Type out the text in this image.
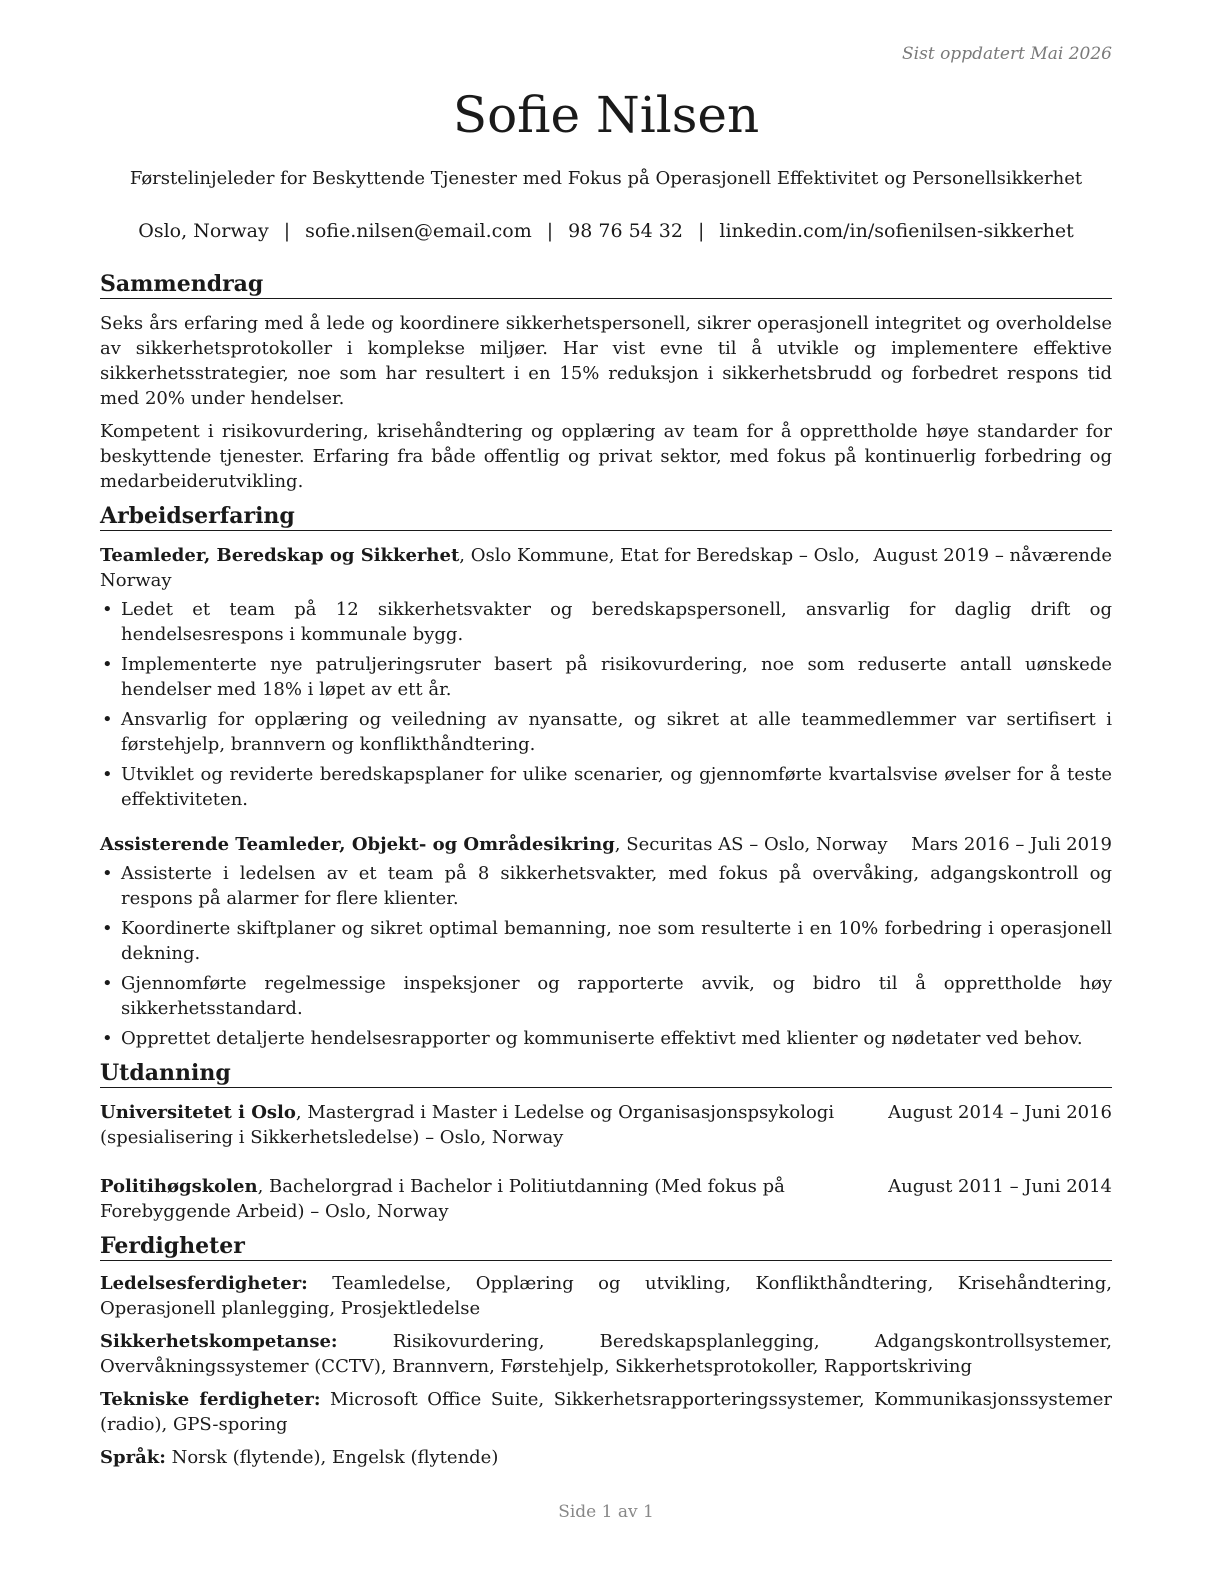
Sist oppdatert Mai 2026
Sofie Nilsen
Førstelinjeleder for Beskyttende Tjenester med Fokus på Operasjonell Effektivitet og Personellsikkerhet
Oslo, Norway | sofie.nilsen@email.com | 98 76 54 32 | linkedin.com/in/sofienilsen-sikkerhet
Sammendrag

Seks års erfaring med å lede og koordinere sikkerhetspersonell, sikrer operasjonell integritet og overholdelse av sikkerhetsprotokoller i komplekse miljøer. Har vist evne til å utvikle og implementere effektive sikkerhetsstrategier, noe som har resultert i en 15% reduksjon i sikkerhetsbrudd og forbedret respons tid med 20% under hendelser.

Kompetent i risikovurdering, krisehåndtering og opplæring av team for å opprettholde høye standarder for beskyttende tjenester. Erfaring fra både offentlig og privat sektor, med fokus på kontinuerlig forbedring og medarbeiderutvikling.

Arbeidserfaring
Teamleder, Beredskap og Sikkerhet, Oslo Kommune, Etat for Beredskap – Oslo, Norway
August 2019 – nåværende
• Ledet et team på 12 sikkerhetsvakter og beredskapspersonell, ansvarlig for daglig drift og hendelsesrespons i kommunale bygg.
• Implementerte nye patruljeringsruter basert på risikovurdering, noe som reduserte antall uønskede hendelser med 18% i løpet av ett år.
• Ansvarlig for opplæring og veiledning av nyansatte, og sikret at alle teammedlemmer var sertifisert i førstehjelp, brannvern og konflikthåndtering.
• Utviklet og reviderte beredskapsplaner for ulike scenarier, og gjennomførte kvartalsvise øvelser for å teste effektiviteten.
Assisterende Teamleder, Objekt- og Områdesikring, Securitas AS – Oslo, Norway Mars 2016 – Juli 2019
• Assisterte i ledelsen av et team på 8 sikkerhetsvakter, med fokus på overvåking, adgangskontroll og respons på alarmer for flere klienter.
• Koordinerte skiftplaner og sikret optimal bemanning, noe som resulterte i en 10% forbedring i operasjonell dekning.
• Gjennomførte regelmessige inspeksjoner og rapporterte avvik, og bidro til å opprettholde høy sikkerhetsstandard.
• Opprettet detaljerte hendelsesrapporter og kommuniserte effektivt med klienter og nødetater ved behov.
Utdanning
Universitetet i Oslo, Mastergrad i Master i Ledelse og Organisasjonspsykologi (spesialisering i Sikkerhetsledelse) – Oslo, Norway
August 2014 – Juni 2016
Politihøgskolen, Bachelorgrad i Bachelor i Politiutdanning (Med fokus på Forebyggende Arbeid) – Oslo, Norway
August 2011 – Juni 2014
Ferdigheter
Ledelsesferdigheter: Teamledelse, Opplæring og utvikling, Konflikthåndtering, Krisehåndtering, Operasjonell planlegging, Prosjektledelse
Sikkerhetskompetanse: Risikovurdering, Beredskapsplanlegging, Adgangskontrollsystemer, Overvåkningssystemer (CCTV), Brannvern, Førstehjelp, Sikkerhetsprotokoller, Rapportskriving
Tekniske ferdigheter: Microsoft Office Suite, Sikkerhetsrapporteringssystemer, Kommunikasjonssystemer (radio), GPS-sporing
Språk: Norsk (flytende), Engelsk (flytende)
Side 1 av 1
